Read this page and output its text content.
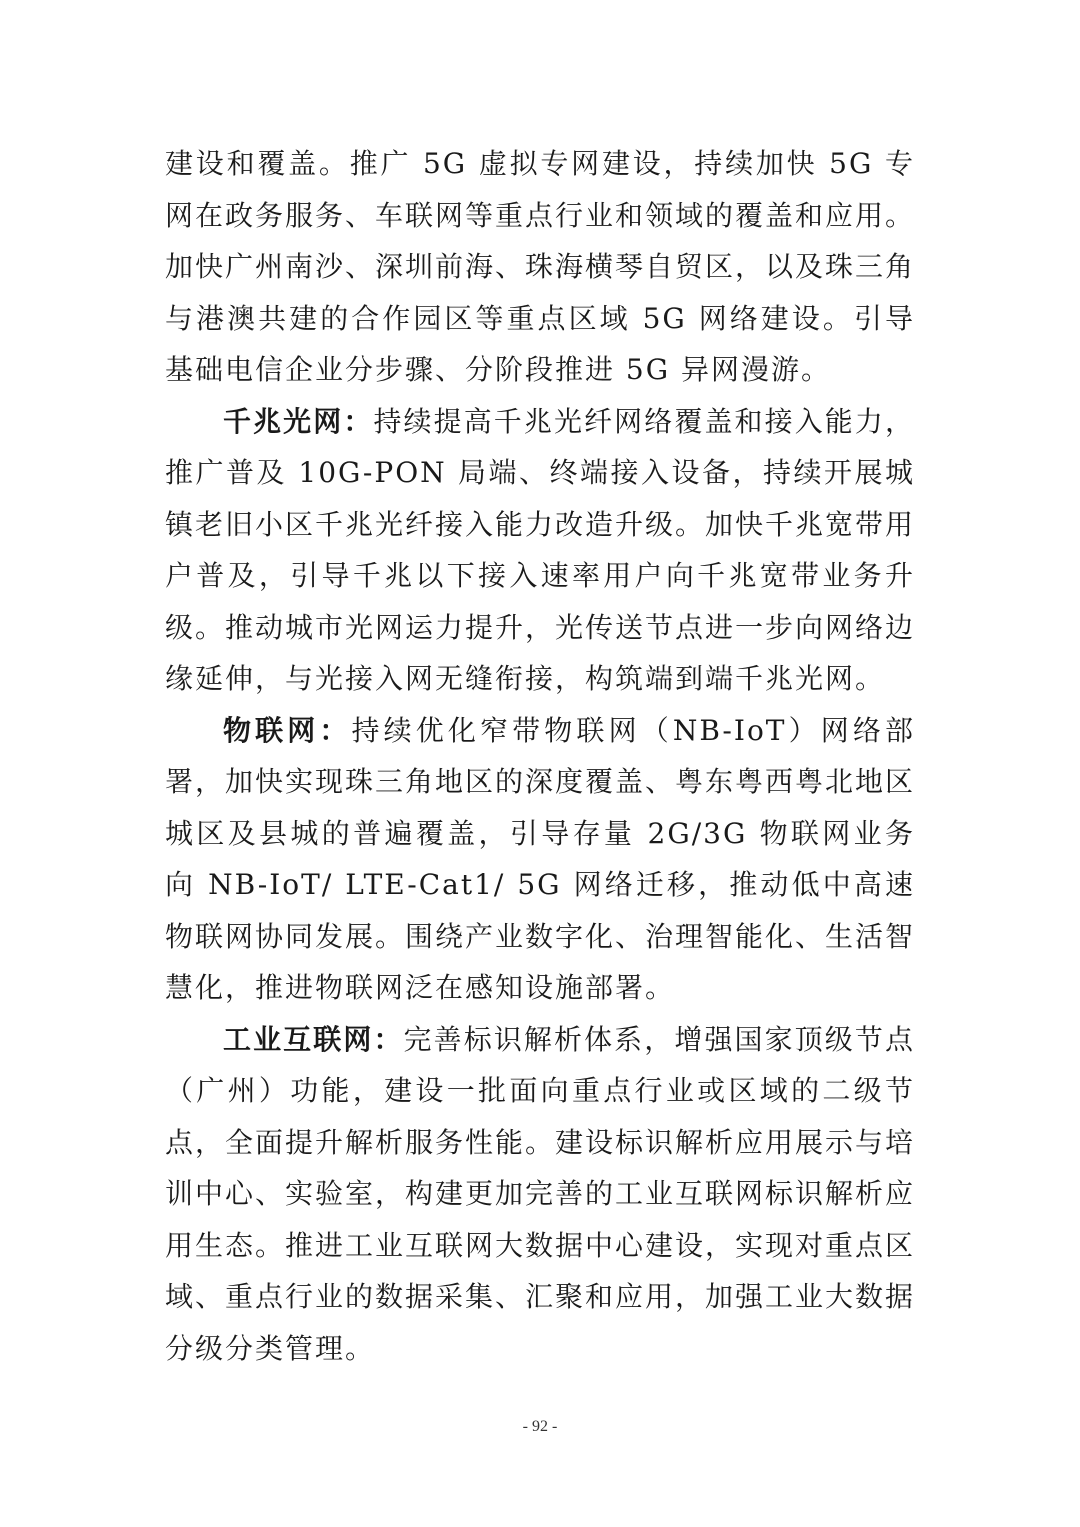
建设和覆盖。推广 5G 虚拟专网建设，持续加快 5G 专网在政务服务、车联网等重点行业和领域的覆盖和应用。加快广州南沙、深圳前海、珠海横琴自贸区，以及珠三角与港澳共建的合作园区等重点区域 5G 网络建设。引导基础电信企业分步骤、分阶段推进 5G 异网漫游。

千兆光网：持续提高千兆光纤网络覆盖和接入能力，推广普及 10G-PON 局端、终端接入设备，持续开展城镇老旧小区千兆光纤接入能力改造升级。加快千兆宽带用户普及，引导千兆以下接入速率用户向千兆宽带业务升级。推动城市光网运力提升，光传送节点进一步向网络边缘延伸，与光接入网无缝衔接，构筑端到端千兆光网。

物联网：持续优化窄带物联网（NB-IoT）网络部署，加快实现珠三角地区的深度覆盖、粤东粤西粤北地区城区及县城的普遍覆盖，引导存量 2G/3G 物联网业务向 NB-IoT/ LTE-Cat1/ 5G 网络迁移，推动低中高速物联网协同发展。围绕产业数字化、治理智能化、生活智慧化，推进物联网泛在感知设施部署。

工业互联网：完善标识解析体系，增强国家顶级节点（广州）功能，建设一批面向重点行业或区域的二级节点，全面提升解析服务性能。建设标识解析应用展示与培训中心、实验室，构建更加完善的工业互联网标识解析应用生态。推进工业互联网大数据中心建设，实现对重点区域、重点行业的数据采集、汇聚和应用，加强工业大数据分级分类管理。

- 92 -
